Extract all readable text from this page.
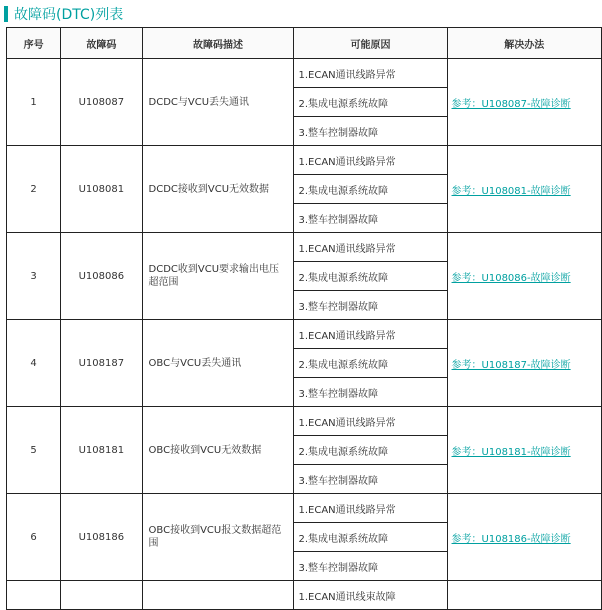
故障码(DTC)列表
序号	故障码	故障码描述	可能原因	解决办法
1	U108087	DCDC与VCU丢失通讯	1.ECAN通讯线路异常	参考：U108087-故障诊断
			2.集成电源系统故障	
			3.整车控制器故障	
2	U108081	DCDC接收到VCU无效数据	1.ECAN通讯线路异常	参考：U108081-故障诊断
			2.集成电源系统故障	
			3.整车控制器故障	
3	U108086	DCDC收到VCU要求输出电压超范围	1.ECAN通讯线路异常	参考：U108086-故障诊断
			2.集成电源系统故障	
			3.整车控制器故障	
4	U108187	OBC与VCU丢失通讯	1.ECAN通讯线路异常	参考：U108187-故障诊断
			2.集成电源系统故障	
			3.整车控制器故障	
5	U108181	OBC接收到VCU无效数据	1.ECAN通讯线路异常	参考：U108181-故障诊断
			2.集成电源系统故障	
			3.整车控制器故障	
6	U108186	OBC接收到VCU报文数据超范围	1.ECAN通讯线路异常	参考：U108186-故障诊断
			2.集成电源系统故障	
			3.整车控制器故障	
			1.ECAN通讯线束故障	
